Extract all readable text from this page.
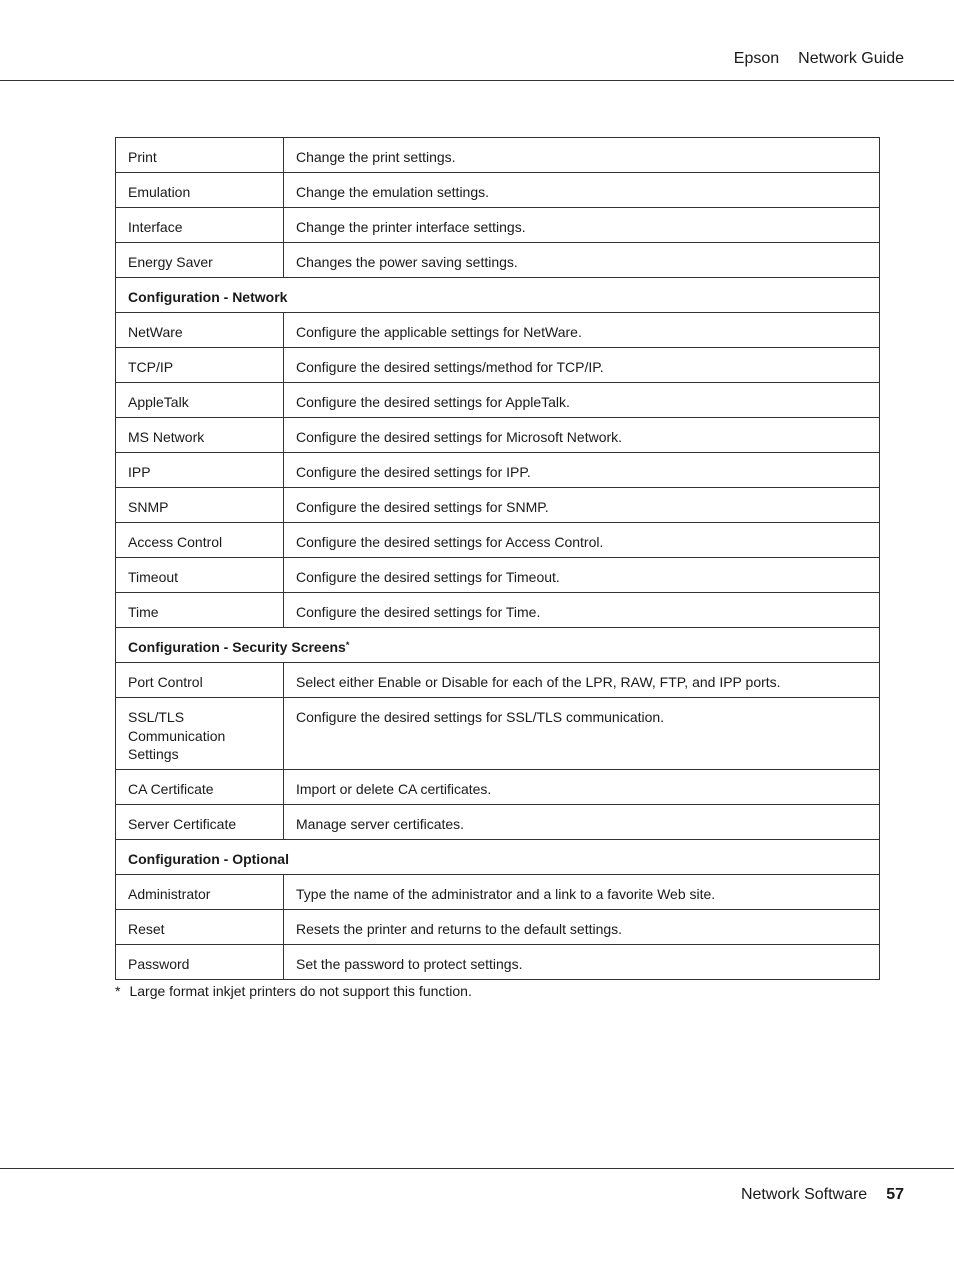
Epson Network Guide
Print	Change the print settings.
Emulation	Change the emulation settings.
Interface	Change the printer interface settings.
Energy Saver	Changes the power saving settings.
Configuration - Network	
NetWare	Configure the applicable settings for NetWare.
TCP/IP	Configure the desired settings/method for TCP/IP.
AppleTalk	Configure the desired settings for AppleTalk.
MS Network	Configure the desired settings for Microsoft Network.
IPP	Configure the desired settings for IPP.
SNMP	Configure the desired settings for SNMP.
Access Control	Configure the desired settings for Access Control.
Timeout	Configure the desired settings for Timeout.
Time	Configure the desired settings for Time.
Configuration - Security Screens*
Port Control	Select either Enable or Disable for each of the LPR, RAW, FTP, and IPP ports.
SSL/TLS Communication Settings	Configure the desired settings for SSL/TLS communication.
CA Certificate	Import or delete CA certificates.
Server Certificate	Manage server certificates.
Configuration - Optional	
Administrator	Type the name of the administrator and a link to a favorite Web site.
Reset	Resets the printer and returns to the default settings.
Password	Set the password to protect settings.
* Large format inkjet printers do not support this function.
Network Software 57
